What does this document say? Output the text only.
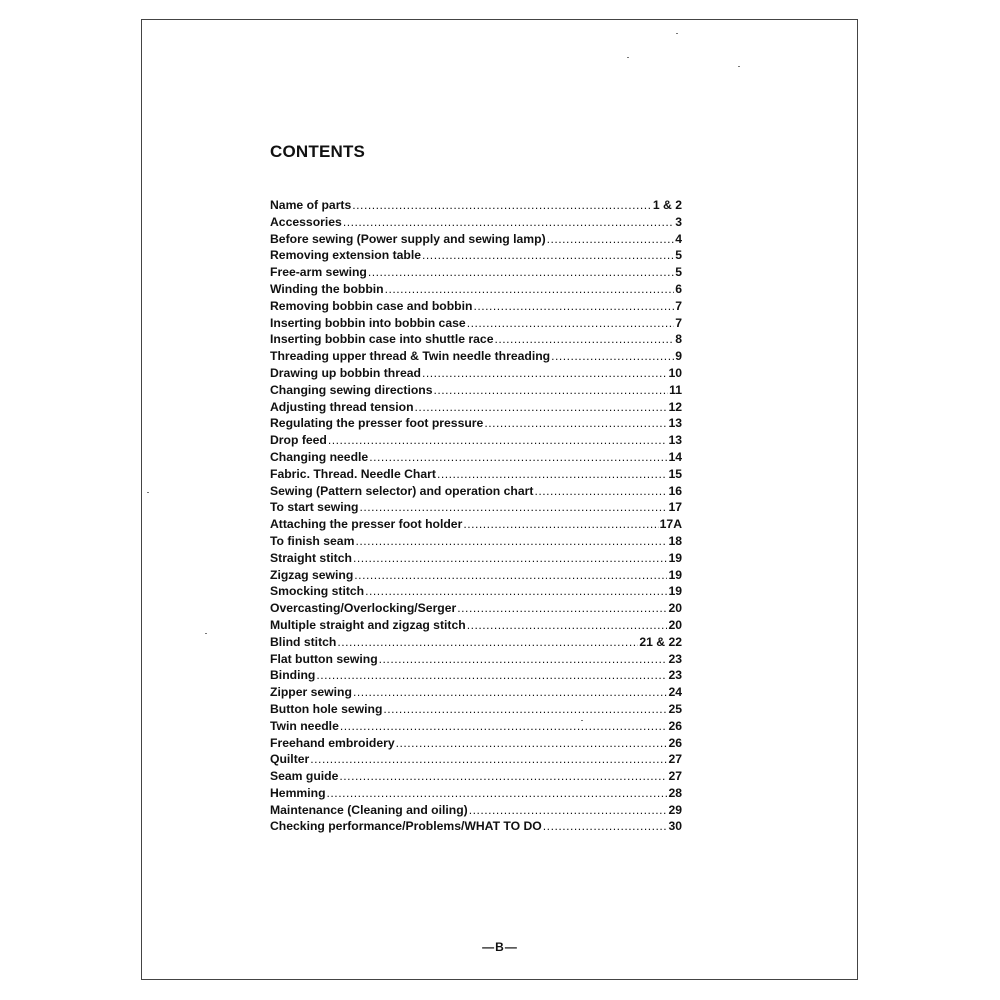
CONTENTS
Name of parts .....	1 & 2
Accessories .....	3
Before sewing (Power supply and sewing lamp) .....	4
Removing extension table .....	5
Free-arm sewing .....	5
Winding the bobbin .....	6
Removing bobbin case and bobbin .....	7
Inserting bobbin into bobbin case .....	7
Inserting bobbin case into shuttle race .....	8
Threading upper thread & Twin needle threading .....	9
Drawing up bobbin thread .....	10
Changing sewing directions .....	11
Adjusting thread tension .....	12
Regulating the presser foot pressure .....	13
Drop feed .....	13
Changing needle .....	14
Fabric. Thread. Needle Chart .....	15
Sewing (Pattern selector) and operation chart .....	16
To start sewing .....	17
Attaching the presser foot holder .....	17A
To finish seam .....	18
Straight stitch .....	19
Zigzag sewing .....	19
Smocking stitch .....	19
Overcasting/Overlocking/Serger .....	20
Multiple straight and zigzag stitch .....	20
Blind stitch .....	21 & 22
Flat button sewing .....	23
Binding .....	23
Zipper sewing .....	24
Button hole sewing .....	25
Twin needle .....	26
Freehand embroidery .....	26
Quilter .....	27
Seam guide .....	27
Hemming .....	28
Maintenance (Cleaning and oiling) .....	29
Checking performance/Problems/WHAT TO DO .....	30
—B—
